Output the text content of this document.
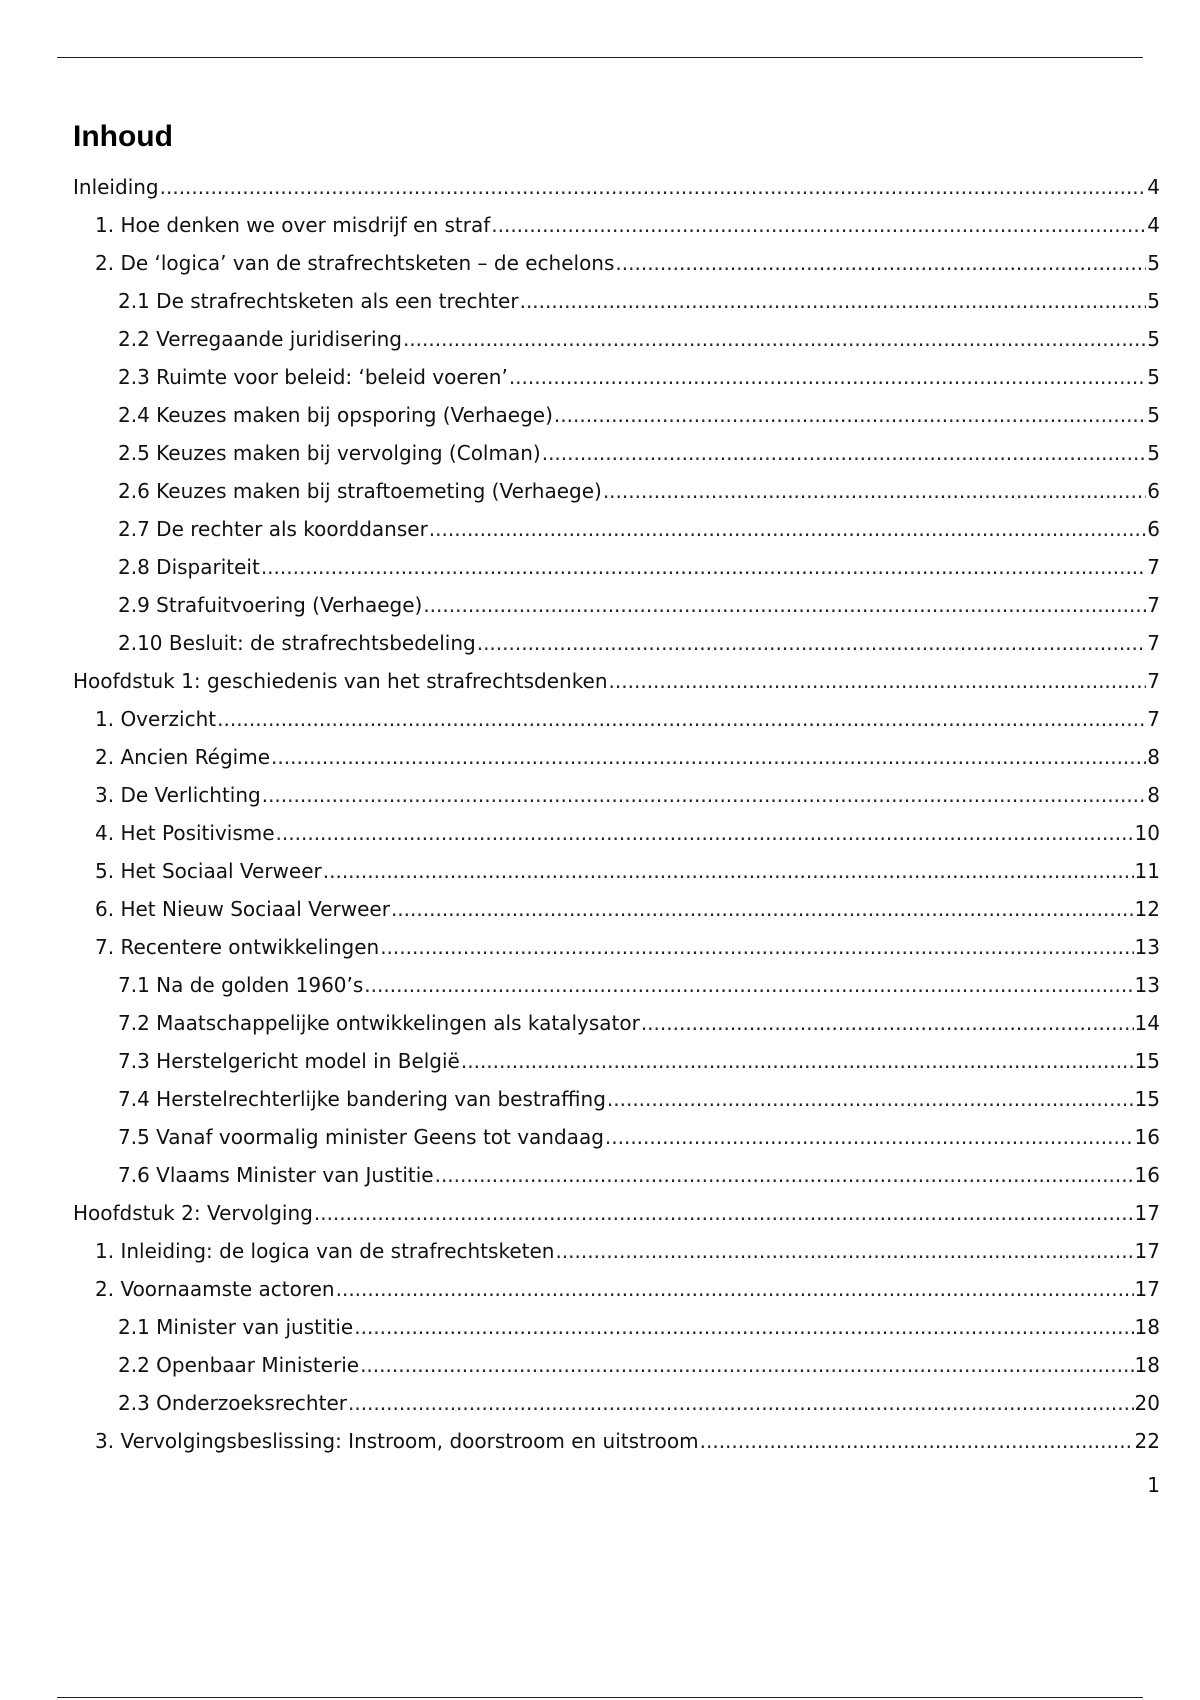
Inhoud
Inleiding .....	4
1. Hoe denken we over misdrijf en straf .....	4
2. De ‘logica’ van de strafrechtsketen – de echelons .....	5
2.1 De strafrechtsketen als een trechter .....	5
2.2 Verregaande juridisering .....	5
2.3 Ruimte voor beleid: ‘beleid voeren’ .....	5
2.4 Keuzes maken bij opsporing (Verhaege) .....	5
2.5 Keuzes maken bij vervolging (Colman) .....	5
2.6 Keuzes maken bij straftoemeting (Verhaege) .....	6
2.7 De rechter als koorddanser .....	6
2.8 Dispariteit .....	7
2.9 Strafuitvoering (Verhaege) .....	7
2.10 Besluit: de strafrechtsbedeling .....	7
Hoofdstuk 1: geschiedenis van het strafrechtsdenken .....	7
1. Overzicht .....	7
2. Ancien Régime .....	8
3. De Verlichting .....	8
4. Het Positivisme .....	10
5. Het Sociaal Verweer .....	11
6. Het Nieuw Sociaal Verweer .....	12
7. Recentere ontwikkelingen .....	13
7.1 Na de golden 1960’s .....	13
7.2 Maatschappelijke ontwikkelingen als katalysator .....	14
7.3 Herstelgericht model in België .....	15
7.4 Herstelrechterlijke bandering van bestraffing .....	15
7.5 Vanaf voormalig minister Geens tot vandaag .....	16
7.6 Vlaams Minister van Justitie .....	16
Hoofdstuk 2: Vervolging .....	17
1. Inleiding: de logica van de strafrechtsketen .....	17
2. Voornaamste actoren .....	17
2.1 Minister van justitie .....	18
2.2 Openbaar Ministerie .....	18
2.3 Onderzoeksrechter .....	20
3. Vervolgingsbeslissing: Instroom, doorstroom en uitstroom .....	22
1
